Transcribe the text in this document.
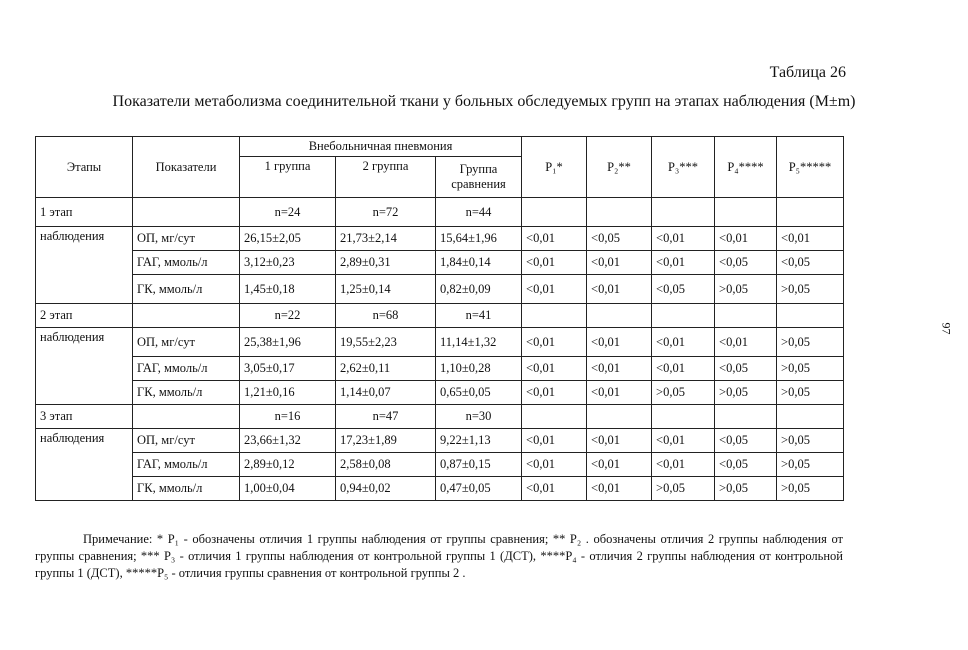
Таблица 26
Показатели метаболизма соединительной ткани у больных обследуемых групп на этапах наблюдения (M±m)
97
Этапы	Показатели	Внебольничная пневмония			P₁*	P₂**	P₃***	P₄****	P₅*****
		1 группа	2 группа	Группа
сравнения					
1 этап		n=24	n=72	n=44					
наблюдения	ОП, мг/сут	26,15±2,05	21,73±2,14	15,64±1,96	<0,01	<0,05	<0,01	<0,01	<0,01
	ГАГ, ммоль/л	3,12±0,23	2,89±0,31	1,84±0,14	<0,01	<0,01	<0,01	<0,05	<0,05
	ГК, ммоль/л	1,45±0,18	1,25±0,14	0,82±0,09	<0,01	<0,01	<0,05	>0,05	>0,05
2 этап		n=22	n=68	n=41					
наблюдения	ОП, мг/сут	25,38±1,96	19,55±2,23	11,14±1,32	<0,01	<0,01	<0,01	<0,01	>0,05
	ГАГ, ммоль/л	3,05±0,17	2,62±0,11	1,10±0,28	<0,01	<0,01	<0,01	<0,05	>0,05
	ГК, ммоль/л	1,21±0,16	1,14±0,07	0,65±0,05	<0,01	<0,01	>0,05	>0,05	>0,05
3 этап		n=16	n=47	n=30					
наблюдения	ОП, мг/сут	23,66±1,32	17,23±1,89	9,22±1,13	<0,01	<0,01	<0,01	<0,05	>0,05
	ГАГ, ммоль/л	2,89±0,12	2,58±0,08	0,87±0,15	<0,01	<0,01	<0,01	<0,05	>0,05
	ГК, ммоль/л	1,00±0,04	0,94±0,02	0,47±0,05	<0,01	<0,01	>0,05	>0,05	>0,05
Примечание: * P₁ - обозначены отличия 1 группы наблюдения от группы сравнения; ** P₂ . обозначены отличия 2 группы наблюдения от группы сравнения; *** P₃ - отличия 1 группы наблюдения от контрольной группы 1 (ДСТ), ****P₄ - отличия 2 группы наблюдения от контрольной группы 1 (ДСТ), *****P₅ - отличия группы сравнения от контрольной группы 2 .
